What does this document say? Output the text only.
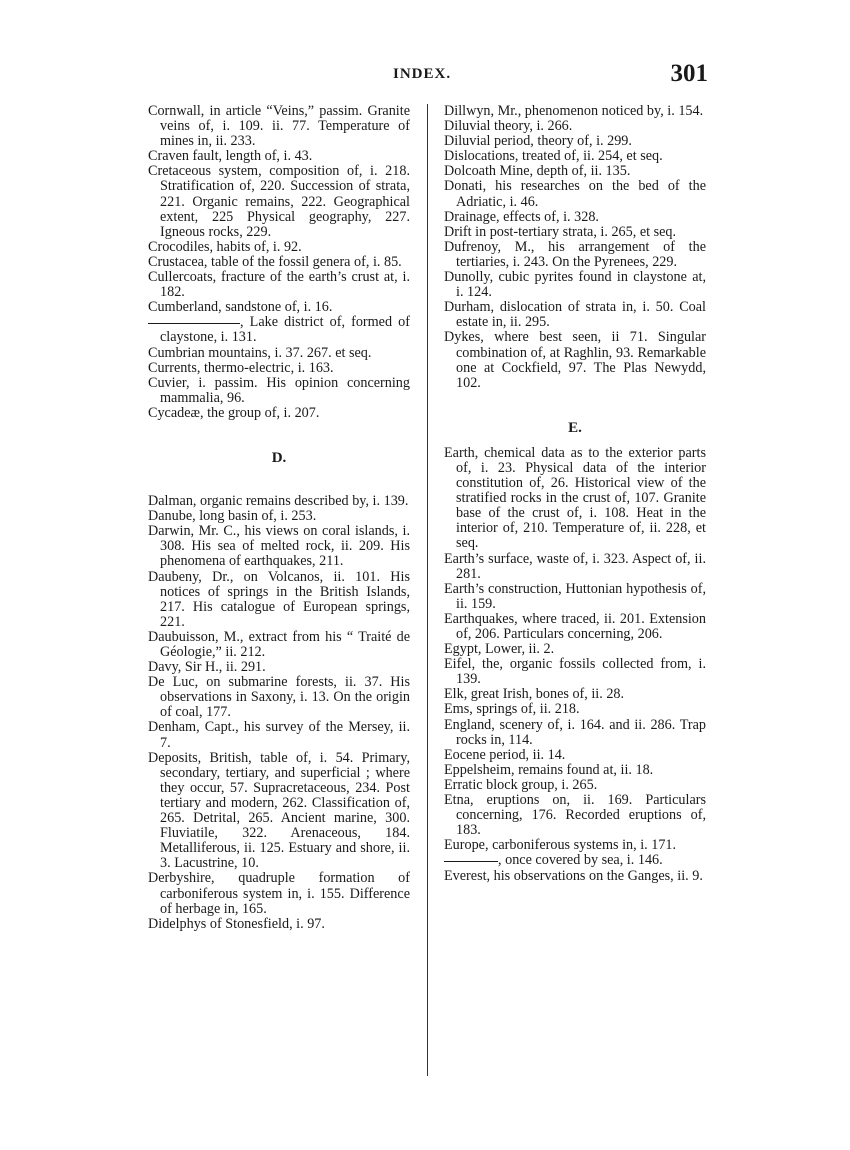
INDEX.	301

Cornwall, in article “Veins,” passim. Granite veins of, i. 109. ii. 77. Temperature of mines in, ii. 233.

Craven fault, length of, i. 43.

Cretaceous system, composition of, i. 218. Stratification of, 220. Succession of strata, 221. Organic remains, 222. Geographical extent, 225 Physical geography, 227. Igneous rocks, 229.

Crocodiles, habits of, i. 92.

Crustacea, table of the fossil genera of, i. 85.

Cullercoats, fracture of the earth’s crust at, i. 182.

Cumberland, sandstone of, i. 16.

, Lake district of, formed of claystone, i. 131.

Cumbrian mountains, i. 37. 267. et seq.

Currents, thermo-electric, i. 163.

Cuvier, i. passim. His opinion concerning mammalia, 96.

Cycadeæ, the group of, i. 207.

D.

Dalman, organic remains described by, i. 139.

Danube, long basin of, i. 253.

Darwin, Mr. C., his views on coral islands, i. 308. His sea of melted rock, ii. 209. His phenomena of earthquakes, 211.

Daubeny, Dr., on Volcanos, ii. 101. His notices of springs in the British Islands, 217. His catalogue of European springs, 221.

Daubuisson, M., extract from his “ Traité de Géologie,” ii. 212.

Davy, Sir H., ii. 291.

De Luc, on submarine forests, ii. 37. His observations in Saxony, i. 13. On the origin of coal, 177.

Denham, Capt., his survey of the Mersey, ii. 7.

Deposits, British, table of, i. 54. Primary, secondary, tertiary, and superficial ; where they occur, 57. Supracretaceous, 234. Post tertiary and modern, 262. Classification of, 265. Detrital, 265. Ancient marine, 300. Fluviatile, 322. Arenaceous, 184. Metalliferous, ii. 125. Estuary and shore, ii. 3. Lacustrine, 10.

Derbyshire, quadruple formation of carboniferous system in, i. 155. Difference of herbage in, 165.

Didelphys of Stonesfield, i. 97.

Dillwyn, Mr., phenomenon noticed by, i. 154.

Diluvial theory, i. 266.

Diluvial period, theory of, i. 299.

Dislocations, treated of, ii. 254, et seq.

Dolcoath Mine, depth of, ii. 135.

Donati, his researches on the bed of the Adriatic, i. 46.

Drainage, effects of, i. 328.

Drift in post-tertiary strata, i. 265, et seq.

Dufrenoy, M., his arrangement of the tertiaries, i. 243. On the Pyrenees, 229.

Dunolly, cubic pyrites found in claystone at, i. 124.

Durham, dislocation of strata in, i. 50. Coal estate in, ii. 295.

Dykes, where best seen, ii 71. Singular combination of, at Raghlin, 93. Remarkable one at Cockfield, 97. The Plas Newydd, 102.

E.

Earth, chemical data as to the exterior parts of, i. 23. Physical data of the interior constitution of, 26. Historical view of the stratified rocks in the crust of, 107. Granite base of the crust of, i. 108. Heat in the interior of, 210. Temperature of, ii. 228, et seq.

Earth’s surface, waste of, i. 323. Aspect of, ii. 281.

Earth’s construction, Huttonian hypothesis of, ii. 159.

Earthquakes, where traced, ii. 201. Extension of, 206. Particulars concerning, 206.

Egypt, Lower, ii. 2.

Eifel, the, organic fossils collected from, i. 139.

Elk, great Irish, bones of, ii. 28.

Ems, springs of, ii. 218.

England, scenery of, i. 164. and ii. 286. Trap rocks in, 114.

Eocene period, ii. 14.

Eppelsheim, remains found at, ii. 18.

Erratic block group, i. 265.

Etna, eruptions on, ii. 169. Particulars concerning, 176. Recorded eruptions of, 183.

Europe, carboniferous systems in, i. 171.

, once covered by sea, i. 146.

Everest, his observations on the Ganges, ii. 9.
